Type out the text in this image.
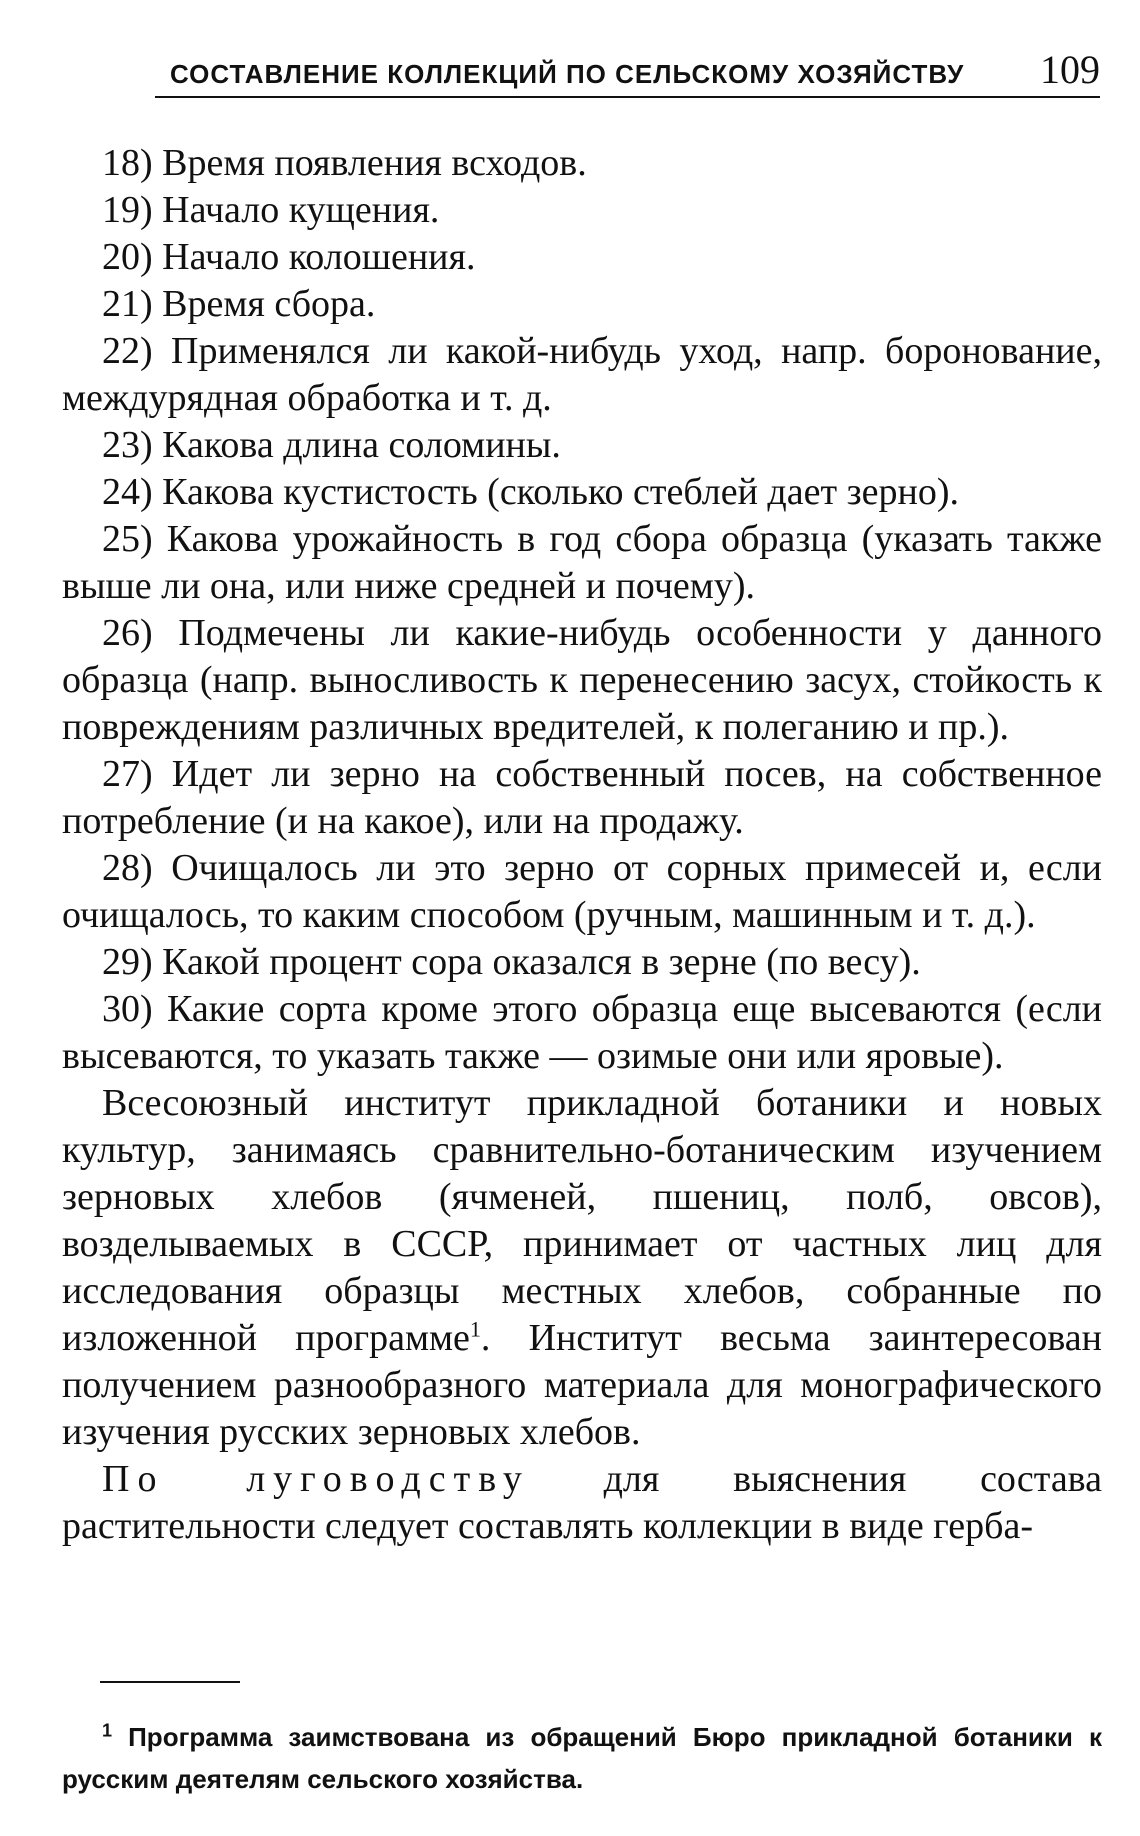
СОСТАВЛЕНИЕ КОЛЛЕКЦИЙ ПО СЕЛЬСКОМУ ХОЗЯЙСТВУ 109

18) Время появления всходов.

19) Начало кущения.

20) Начало колошения.

21) Время сбора.

22) Применялся ли какой-нибудь уход, напр. боронование, междурядная обработка и т. д.

23) Какова длина соломины.

24) Какова кустистость (сколько стеблей дает зерно).

25) Какова урожайность в год сбора образца (указать также выше ли она, или ниже средней и почему).

26) Подмечены ли какие-нибудь особенности у данного образца (напр. выносливость к перенесению засух, стойкость к повреждениям различных вредителей, к полеганию и пр.).

27) Идет ли зерно на собственный посев, на собственное потребление (и на какое), или на продажу.

28) Очищалось ли это зерно от сорных примесей и, если очищалось, то каким способом (ручным, машинным и т. д.).

29) Какой процент сора оказался в зерне (по весу).

30) Какие сорта кроме этого образца еще высеваются (если высеваются, то указать также — озимые они или яровые).

Всесоюзный институт прикладной ботаники и новых культур, занимаясь сравнительно-ботаническим изучением зерновых хлебов (ячменей, пшениц, полб, овсов), возделываемых в СССР, принимает от частных лиц для исследования образцы местных хлебов, собранные по изложенной программе$^1$. Институт весьма заинтересован получением разнообразного материала для монографического изучения русских зерновых хлебов.

По луговодству для выяснения состава растительности следует составлять коллекции в виде герба-

$^1$ Программа заимствована из обращений Бюро прикладной ботаники к русским деятелям сельского хозяйства.
